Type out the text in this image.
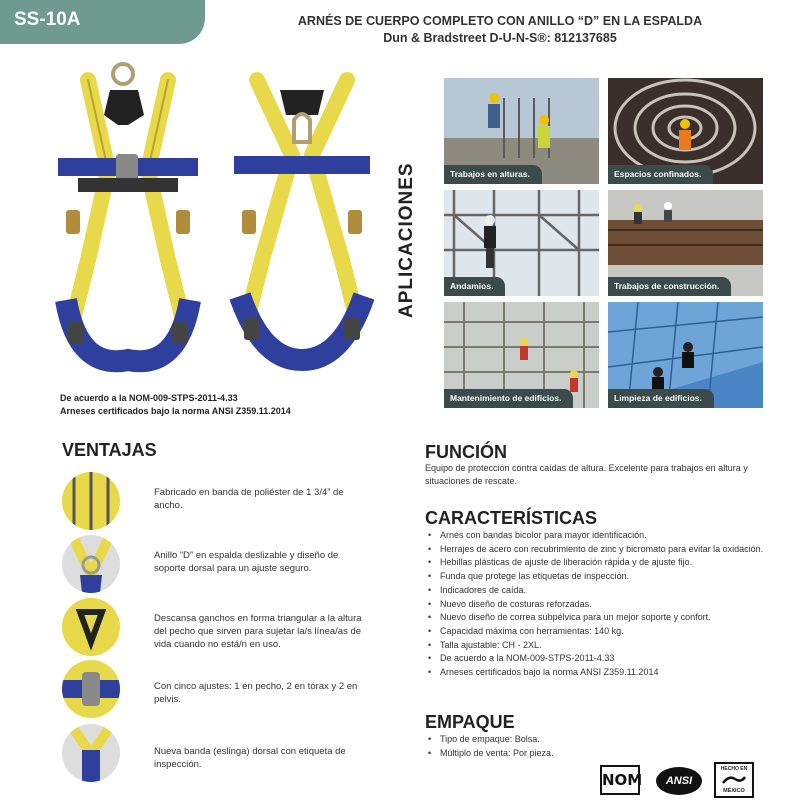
SS-10A	ARNÉS DE CUERPO COMPLETO CON ANILLO “D” EN LA ESPALDA
Dun & Bradstreet D-U-N-S®: 812137685
De acuerdo a la NOM-009-STPS-2011-4.33
Arneses certificados bajo la norma ANSI Z359.11.2014
APLICACIONES	Trabajos en alturas.	Espacios confinados.
Andamios.	Trabajos de construcción.
Mantenimiento de edificios.	Limpieza de edificios.
VENTAJAS
Fabricado en banda de poliéster de 1 3/4” de ancho.
Anillo “D” en espalda deslizable y diseño de soporte dorsal para un ajuste seguro.
Descansa ganchos en forma triangular a la altura del pecho que sirven para sujetar la/s línea/as de vida cuando no está/n en uso.
Con cinco ajustes: 1 en pecho, 2 en tórax y 2 en pelvis.
Nueva banda (eslinga) dorsal con etiqueta de inspección.
FUNCIÓN
Equipo de protección contra caídas de altura. Excelente para trabajos en altura y situaciones de rescate.
CARACTERÍSTICAS
• Arnés con bandas bicolor para mayor identificación.
• Herrajes de acero con recubrimiento de zinc y bicromato para evitar la oxidación.
• Hebillas plásticas de ajuste de liberación rápida y de ajuste fijo.
• Funda que protege las etiquetas de inspección.
• Indicadores de caída.
• Nuevo diseño de costuras reforzadas.
• Nuevo diseño de correa subpélvica para un mejor soporte y confort.
• Capacidad máxima con herramientas: 140 kg.
• Talla ajustable: CH - 2XL.
• De acuerdo a la NOM-009-STPS-2011-4.33
• Arneses certificados bajo la norma ANSI Z359.11.2014
EMPAQUE
• Tipo de empaque: Bolsa.
• Múltiplo de venta: Por pieza.
NOM	ANSI
HECHO EN
MÉXICO
